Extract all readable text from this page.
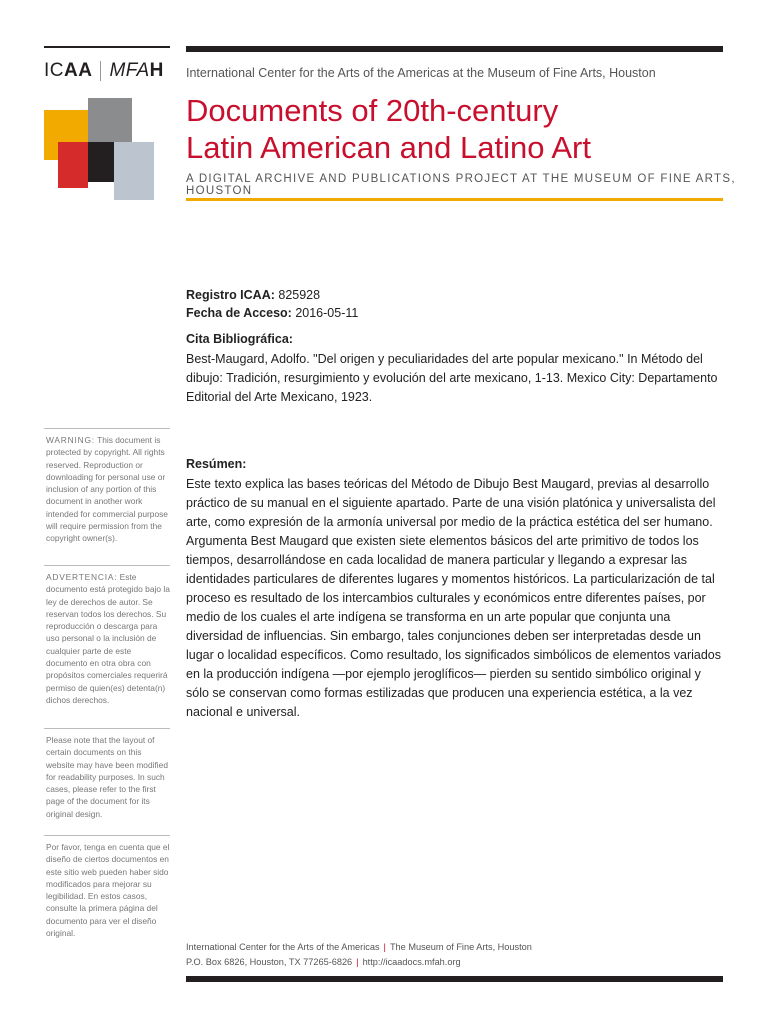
ICAA MFAH International Center for the Arts of the Americas at the Museum of Fine Arts, Houston
Documents of 20th-century
Latin American and Latino Art
A DIGITAL ARCHIVE AND PUBLICATIONS PROJECT AT THE MUSEUM OF FINE ARTS, HOUSTON
Registro ICAA: 825928
Fecha de Acceso: 2016-05-11
Cita Bibliográfica:
Best-Maugard, Adolfo. "Del origen y peculiaridades del arte popular mexicano." In Método del dibujo: Tradición, resurgimiento y evolución del arte mexicano, 1-13. Mexico City: Departamento Editorial del Arte Mexicano, 1923.
Resúmen:
Este texto explica las bases teóricas del Método de Dibujo Best Maugard, previas al desarrollo práctico de su manual en el siguiente apartado. Parte de una visión platónica y universalista del arte, como expresión de la armonía universal por medio de la práctica estética del ser humano. Argumenta Best Maugard que existen siete elementos básicos del arte primitivo de todos los tiempos, desarrollándose en cada localidad de manera particular y llegando a expresar las identidades particulares de diferentes lugares y momentos históricos. La particularización de tal proceso es resultado de los intercambios culturales y económicos entre diferentes países, por medio de los cuales el arte indígena se transforma en un arte popular que conjunta una diversidad de influencias. Sin embargo, tales conjunciones deben ser interpretadas desde un lugar o localidad específicos. Como resultado, los significados simbólicos de elementos variados en la producción indígena —por ejemplo jeroglíficos— pierden su sentido simbólico original y sólo se conservan como formas estilizadas que producen una experiencia estética, a la vez nacional e universal.
WARNING: This document is protected by copyright. All rights reserved. Reproduction or downloading for personal use or inclusion of any portion of this document in another work intended for commercial purpose will require permission from the copyright owner(s).
ADVERTENCIA: Este documento está protegido bajo la ley de derechos de autor. Se reservan todos los derechos. Su reproducción o descarga para uso personal o la inclusión de cualquier parte de este documento en otra obra con propósitos comerciales requerirá permiso de quien(es) detenta(n) dichos derechos.
Please note that the layout of certain documents on this website may have been modified for readability purposes. In such cases, please refer to the first page of the document for its original design.
Por favor, tenga en cuenta que el diseño de ciertos documentos en este sitio web pueden haber sido modificados para mejorar su legibilidad. En estos casos, consulte la primera página del documento para ver el diseño original.
International Center for the Arts of the Americas | The Museum of Fine Arts, Houston
P.O. Box 6826, Houston, TX 77265-6826 | http://icaadocs.mfah.org
